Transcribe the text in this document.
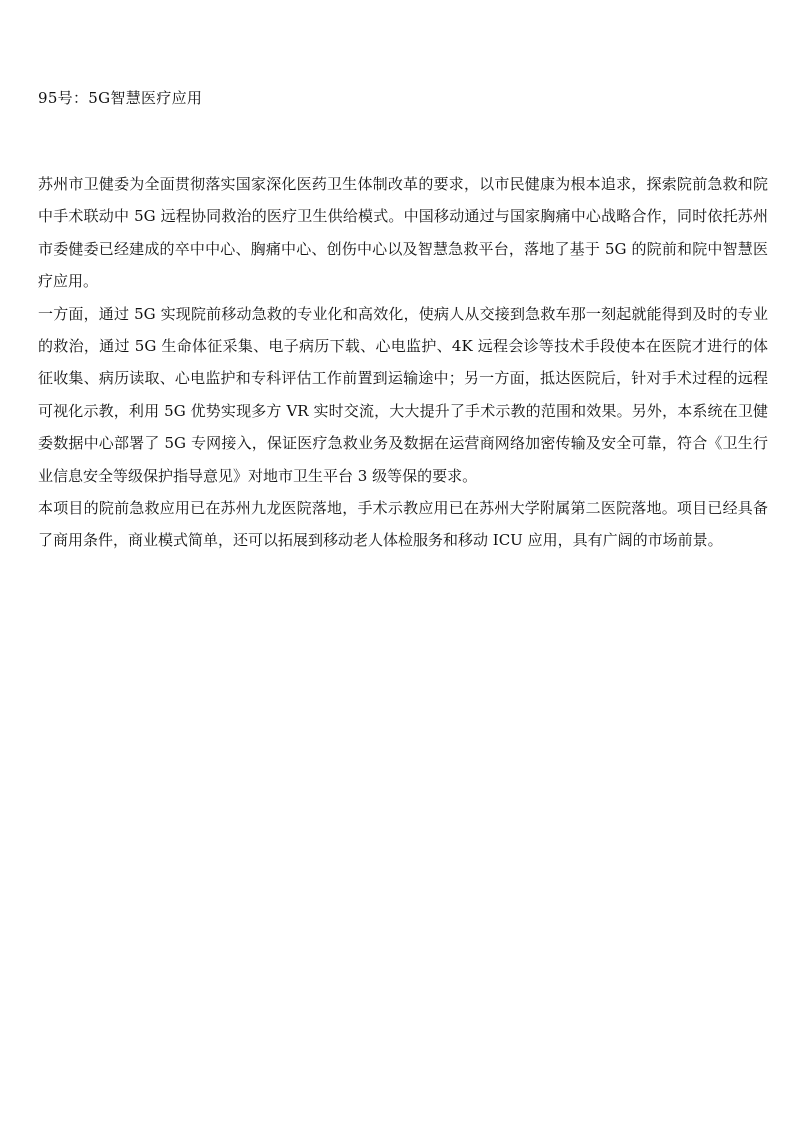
95号：5G智慧医疗应用

苏州市卫健委为全面贯彻落实国家深化医药卫生体制改革的要求，以市民健康为根本追求，探索院前急救和院中手术联动中 5G 远程协同救治的医疗卫生供给模式。中国移动通过与国家胸痛中心战略合作，同时依托苏州市委健委已经建成的卒中中心、胸痛中心、创伤中心以及智慧急救平台，落地了基于 5G 的院前和院中智慧医疗应用。

一方面，通过 5G 实现院前移动急救的专业化和高效化，使病人从交接到急救车那一刻起就能得到及时的专业的救治，通过 5G 生命体征采集、电子病历下载、心电监护、4K 远程会诊等技术手段使本在医院才进行的体征收集、病历读取、心电监护和专科评估工作前置到运输途中；另一方面，抵达医院后，针对手术过程的远程可视化示教，利用 5G 优势实现多方 VR 实时交流，大大提升了手术示教的范围和效果。另外，本系统在卫健委数据中心部署了 5G 专网接入，保证医疗急救业务及数据在运营商网络加密传输及安全可靠，符合《卫生行业信息安全等级保护指导意见》对地市卫生平台 3 级等保的要求。

本项目的院前急救应用已在苏州九龙医院落地，手术示教应用已在苏州大学附属第二医院落地。项目已经具备了商用条件，商业模式简单，还可以拓展到移动老人体检服务和移动 ICU 应用，具有广阔的市场前景。
